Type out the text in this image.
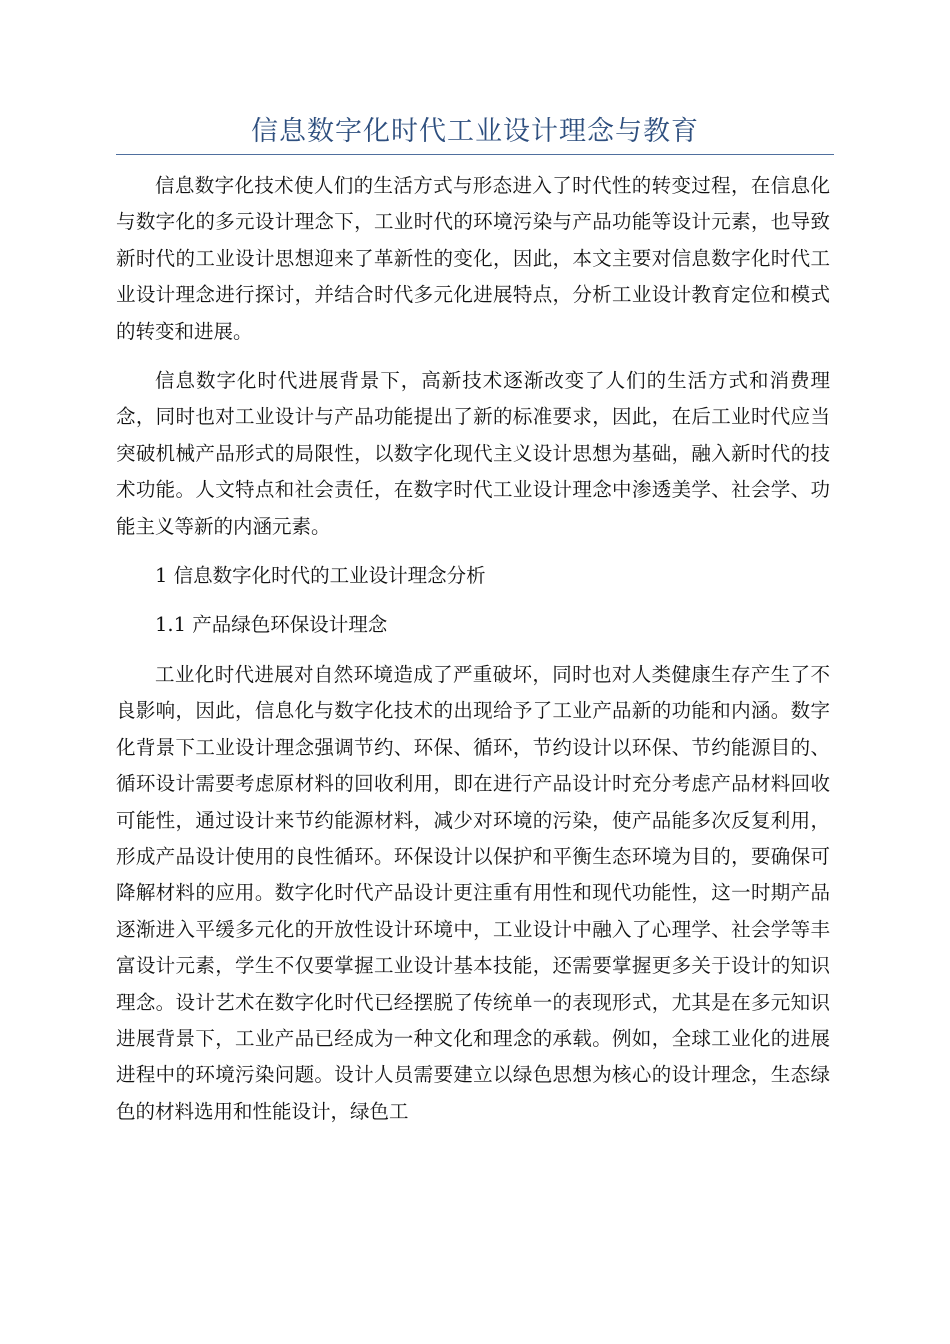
信息数字化时代工业设计理念与教育

信息数字化技术使人们的生活方式与形态进入了时代性的转变过程，在信息化与数字化的多元设计理念下，工业时代的环境污染与产品功能等设计元素，也导致新时代的工业设计思想迎来了革新性的变化，因此，本文主要对信息数字化时代工业设计理念进行探讨，并结合时代多元化进展特点，分析工业设计教育定位和模式的转变和进展。

信息数字化时代进展背景下，高新技术逐渐改变了人们的生活方式和消费理念，同时也对工业设计与产品功能提出了新的标准要求，因此，在后工业时代应当突破机械产品形式的局限性，以数字化现代主义设计思想为基础，融入新时代的技术功能。人文特点和社会责任，在数字时代工业设计理念中渗透美学、社会学、功能主义等新的内涵元素。

1 信息数字化时代的工业设计理念分析

1.1 产品绿色环保设计理念

工业化时代进展对自然环境造成了严重破坏，同时也对人类健康生存产生了不良影响，因此，信息化与数字化技术的出现给予了工业产品新的功能和内涵。数字化背景下工业设计理念强调节约、环保、循环，节约设计以环保、节约能源目的、循环设计需要考虑原材料的回收利用，即在进行产品设计时充分考虑产品材料回收可能性，通过设计来节约能源材料，减少对环境的污染，使产品能多次反复利用，形成产品设计使用的良性循环。环保设计以保护和平衡生态环境为目的，要确保可降解材料的应用。数字化时代产品设计更注重有用性和现代功能性，这一时期产品逐渐进入平缓多元化的开放性设计环境中，工业设计中融入了心理学、社会学等丰富设计元素，学生不仅要掌握工业设计基本技能，还需要掌握更多关于设计的知识理念。设计艺术在数字化时代已经摆脱了传统单一的表现形式，尤其是在多元知识进展背景下，工业产品已经成为一种文化和理念的承载。例如，全球工业化的进展进程中的环境污染问题。设计人员需要建立以绿色思想为核心的设计理念，生态绿色的材料选用和性能设计，绿色工
